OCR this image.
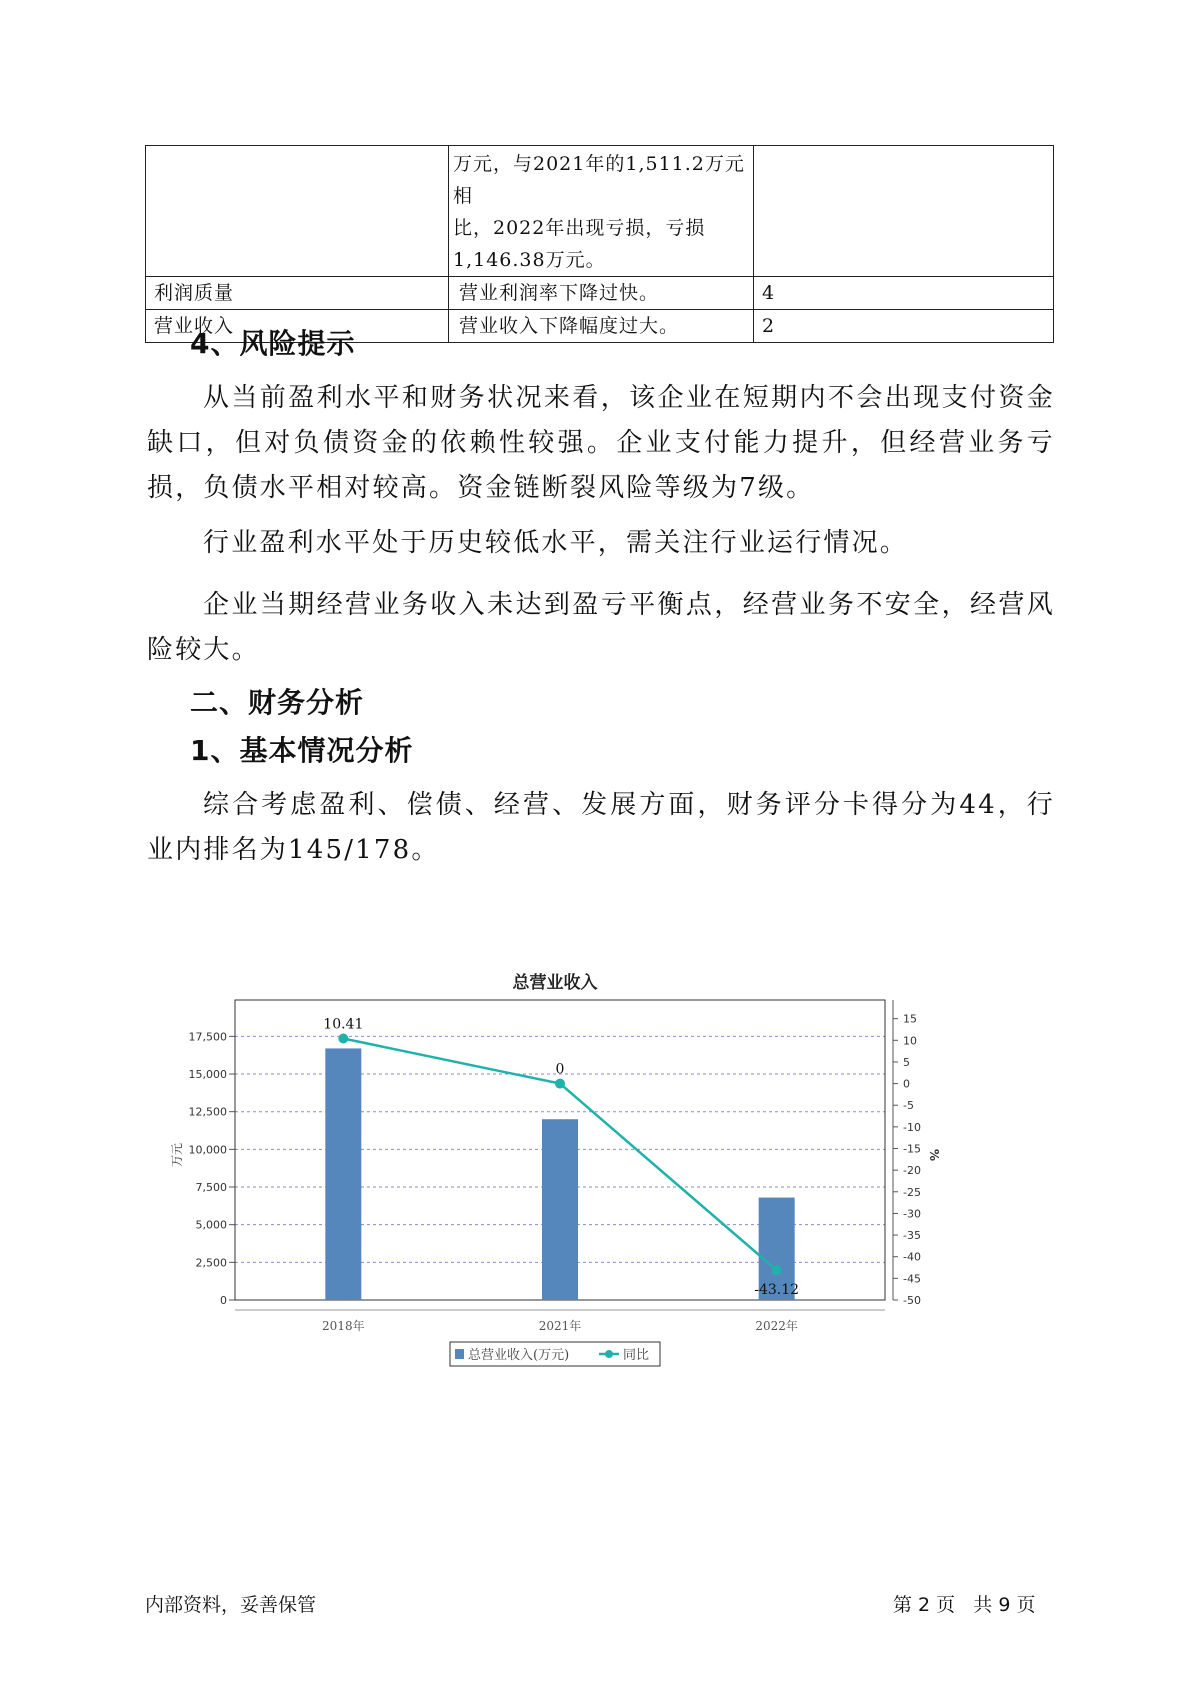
	万元，与2021年的1,511.2万元相
比，2022年出现亏损，亏损
1,146.38万元。	

利润质量	营业利润率下降过快。	4
营业收入	营业收入下降幅度过大。	2
4、风险提示

从当前盈利水平和财务状况来看，该企业在短期内不会出现支付资金缺口，但对负债资金的依赖性较强。企业支付能力提升，但经营业务亏损，负债水平相对较高。资金链断裂风险等级为7级。

行业盈利水平处于历史较低水平，需关注行业运行情况。

企业当期经营业务收入未达到盈亏平衡点，经营业务不安全，经营风险较大。

二、财务分析
1、基本情况分析

综合考虑盈利、偿债、经营、发展方面，财务评分卡得分为44，行业内排名为145/178。

总营业收入
0
2,500
5,000
7,500
10,000
12,500
15,000
17,500
-50
-45
-40
-35
-30
-25
-20
-15
-10
-5
0
5
10
15
万元	%
2018年	2021年	2022年
10.41
0
-43.12
总营业收入(万元)	同比
内部资料，妥善保管	第 2 页   共 9 页
